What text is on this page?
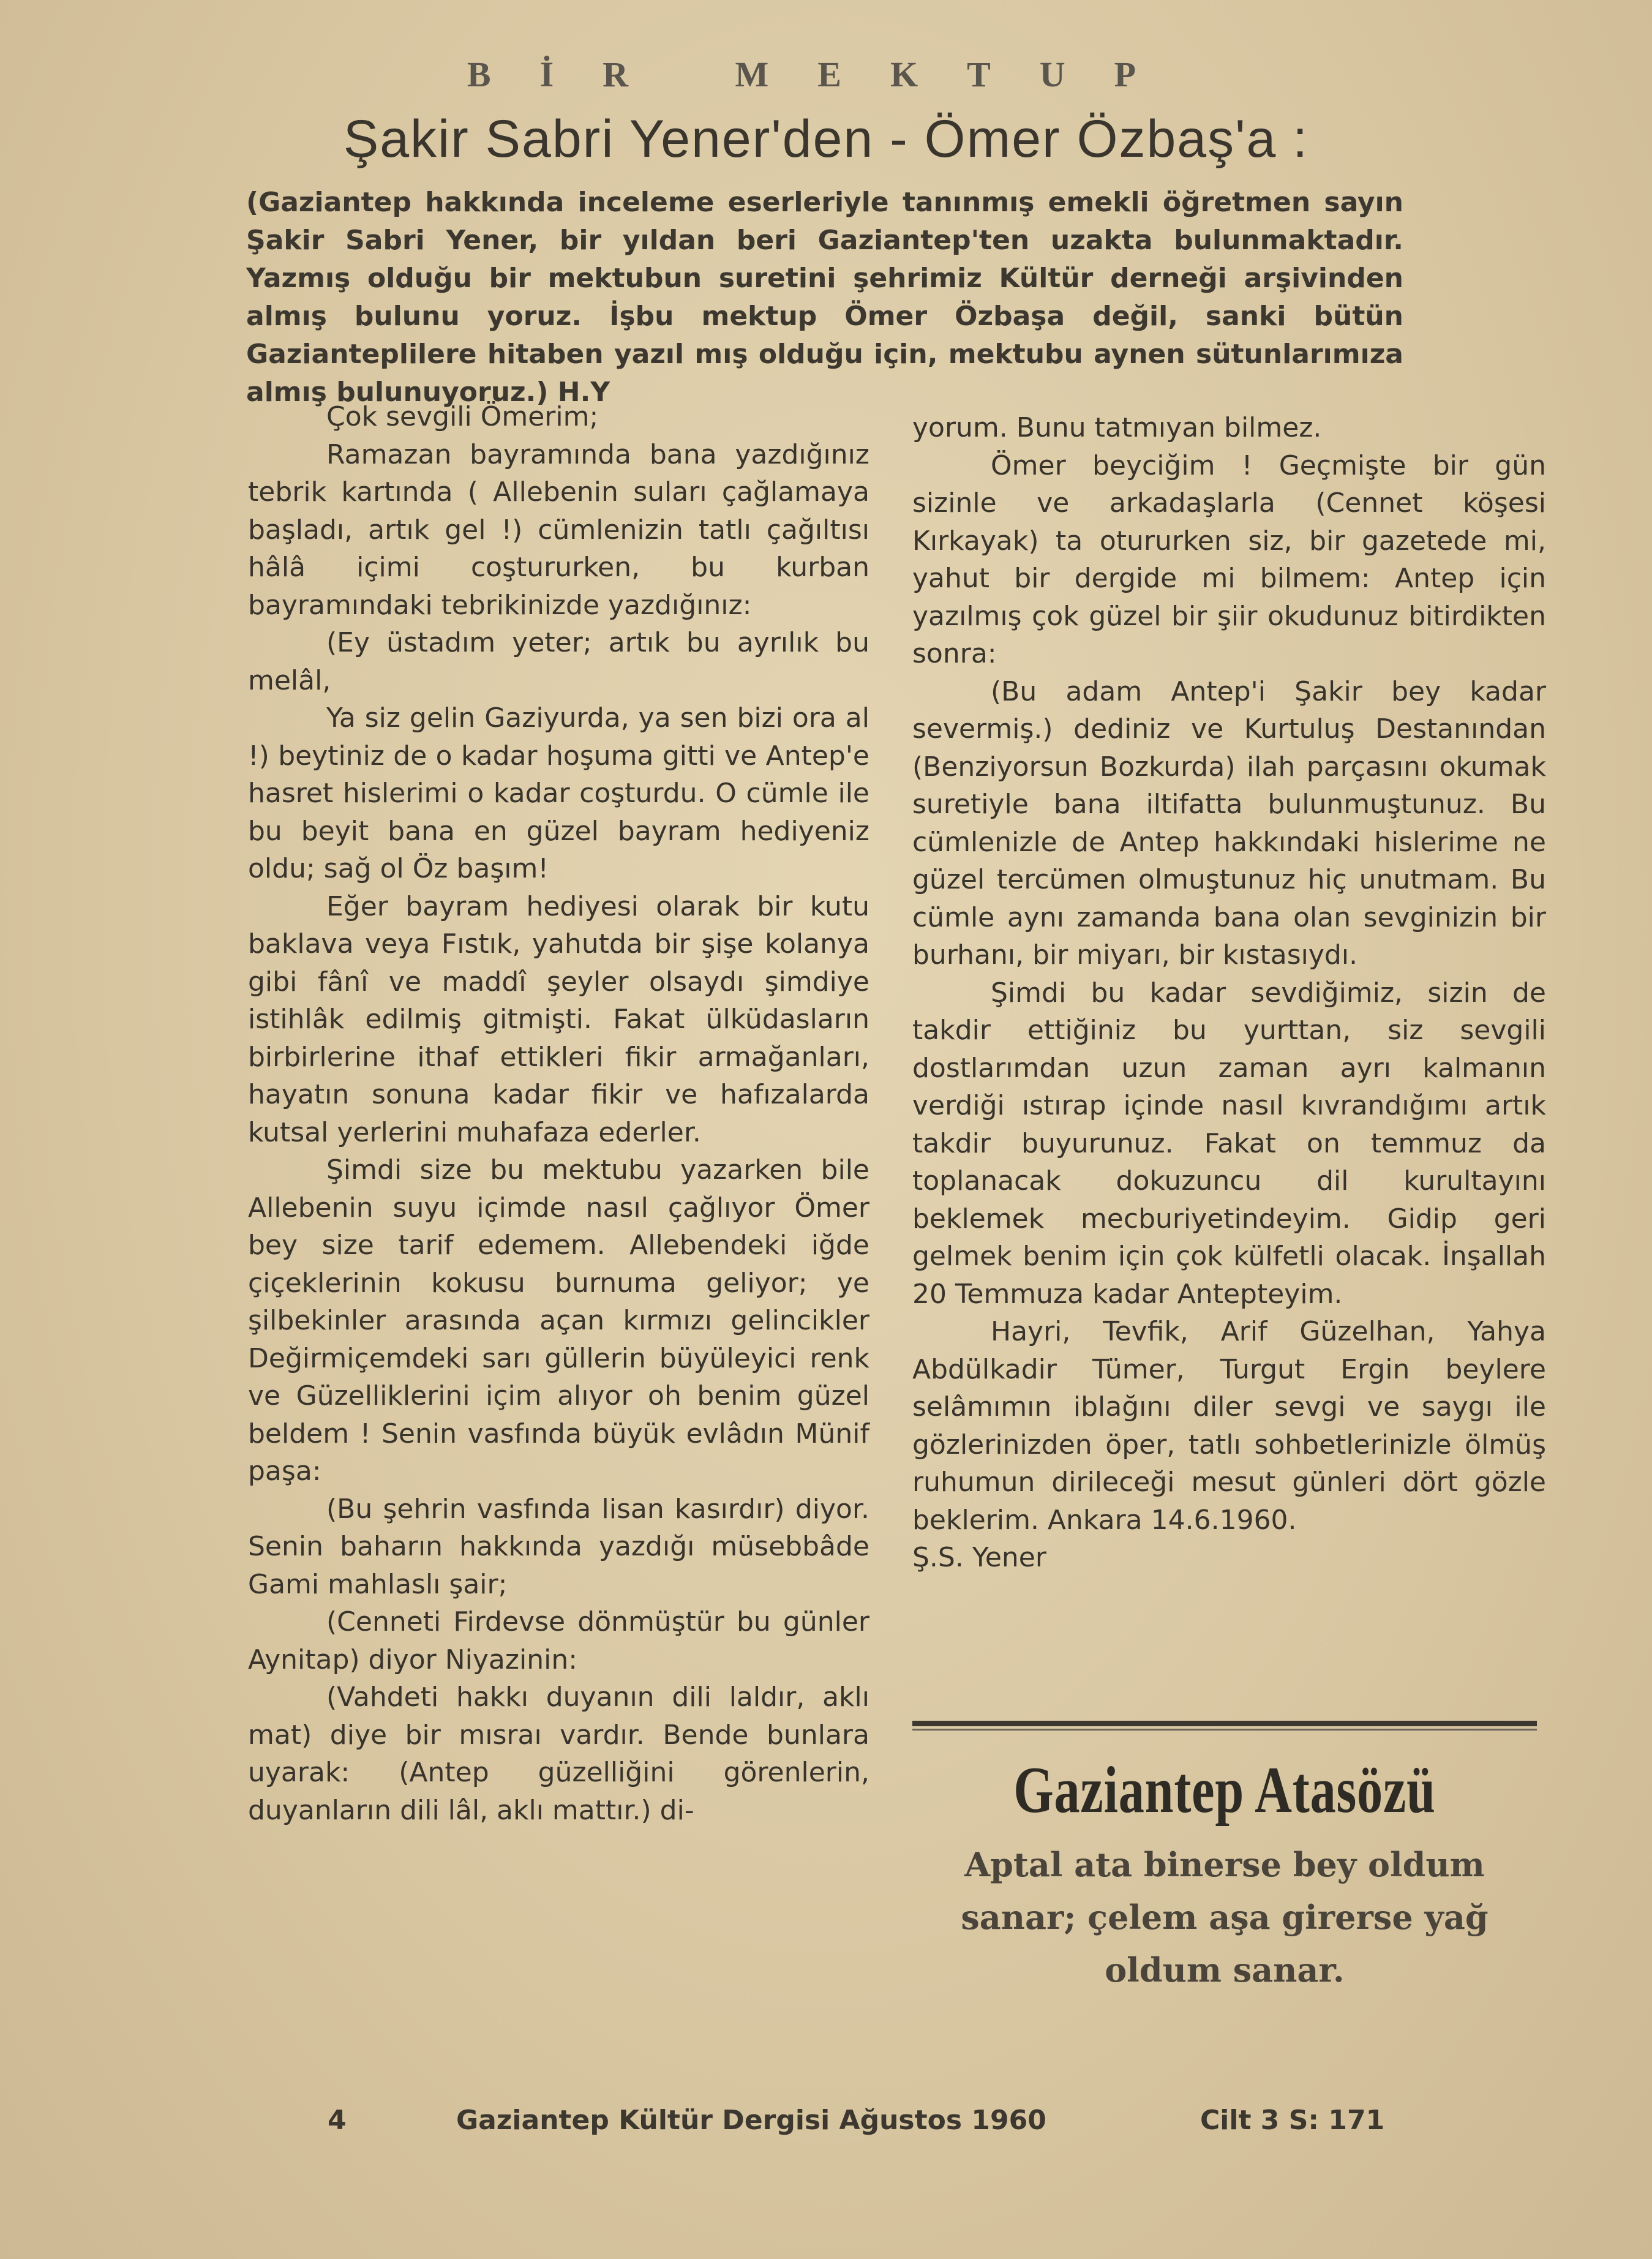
BİR MEKTUP
Şakir Sabri Yener'den - Ömer Özbaş'a :
(Gaziantep hakkında inceleme eserleriyle tanınmış emekli öğretmen sayın Şakir Sabri Yener, bir yıldan beri Gaziantep'ten uzakta bulunmaktadır. Yazmış olduğu bir mektubun suretini şehrimiz Kültür derneği arşivinden almış bulunu yoruz. İşbu mektup Ömer Özbaşa değil, sanki bütün Gazianteplilere hitaben yazıl mış olduğu için, mektubu aynen sütunlarımıza almış bulunuyoruz.) H.Y

Çok sevgili Ömerim;

Ramazan bayramında bana yazdığınız tebrik kartında ( Allebenin suları çağlamaya başladı, artık gel !) cümlenizin tatlı çağıltısı hâlâ içimi coştururken, bu kurban bayramındaki tebrikinizde yazdığınız:

(Ey üstadım yeter; artık bu ayrılık bu melâl,

Ya siz gelin Gaziyurda, ya sen bizi ora al !) beytiniz de o kadar hoşuma gitti ve Antep'e hasret hislerimi o kadar coşturdu. O cümle ile bu beyit bana en güzel bayram hediyeniz oldu; sağ ol Öz başım!

Eğer bayram hediyesi olarak bir kutu baklava veya Fıstık, yahutda bir şişe kolanya gibi fânî ve maddî şeyler olsaydı şimdiye istihlâk edilmiş gitmişti. Fakat ülküdasların birbirlerine ithaf ettikleri fikir armağanları, hayatın sonuna kadar fikir ve hafızalarda kutsal yerlerini muhafaza ederler.

Şimdi size bu mektubu yazarken bile Allebenin suyu içimde nasıl çağlıyor Ömer bey size tarif edemem. Allebendeki iğde çiçeklerinin kokusu burnuma geliyor; ye şilbekinler arasında açan kırmızı gelincikler Değirmiçemdeki sarı güllerin büyüleyici renk ve Güzelliklerini içim alıyor oh benim güzel beldem ! Senin vasfında büyük evlâdın Münif paşa:

(Bu şehrin vasfında lisan kasırdır) diyor. Senin baharın hakkında yazdığı müsebbâde Gami mahlaslı şair;

(Cenneti Firdevse dönmüştür bu günler Aynitap) diyor Niyazinin:

(Vahdeti hakkı duyanın dili laldır, aklı mat) diye bir mısraı vardır. Bende bunlara uyarak: (Antep güzelliğini görenlerin, duyanların dili lâl, aklı mattır.) di-

yorum. Bunu tatmıyan bilmez.

Ömer beyciğim ! Geçmişte bir gün sizinle ve arkadaşlarla (Cennet köşesi Kırkayak) ta otururken siz, bir gazetede mi, yahut bir dergide mi bilmem: Antep için yazılmış çok güzel bir şiir okudunuz bitirdikten sonra:

(Bu adam Antep'i Şakir bey kadar severmiş.) dediniz ve Kurtuluş Destanından (Benziyorsun Bozkurda) ilah parçasını okumak suretiyle bana iltifatta bulunmuştunuz. Bu cümlenizle de Antep hakkındaki hislerime ne güzel tercümen olmuştunuz hiç unutmam. Bu cümle aynı zamanda bana olan sevginizin bir burhanı, bir miyarı, bir kıstasıydı.

Şimdi bu kadar sevdiğimiz, sizin de takdir ettiğiniz bu yurttan, siz sevgili dostlarımdan uzun zaman ayrı kalmanın verdiği ıstırap içinde nasıl kıvrandığımı artık takdir buyurunuz. Fakat on temmuz da toplanacak dokuzuncu dil kurultayını beklemek mecburiyetindeyim. Gidip geri gelmek benim için çok külfetli olacak. İnşallah 20 Temmuza kadar Antepteyim.

Hayri, Tevfik, Arif Güzelhan, Yahya Abdülkadir Tümer, Turgut Ergin beylere selâmımın iblağını diler sevgi ve saygı ile gözlerinizden öper, tatlı sohbetlerinizle ölmüş ruhumun dirileceği mesut günleri dört gözle beklerim. Ankara 14.6.1960.

Ş.S. Yener

Gaziantep Atasözü
Aptal ata binerse bey oldum sanar; çelem aşa girerse yağ oldum sanar.
4	Gaziantep Kültür Dergisi Ağustos 1960	Cilt 3 S: 171
